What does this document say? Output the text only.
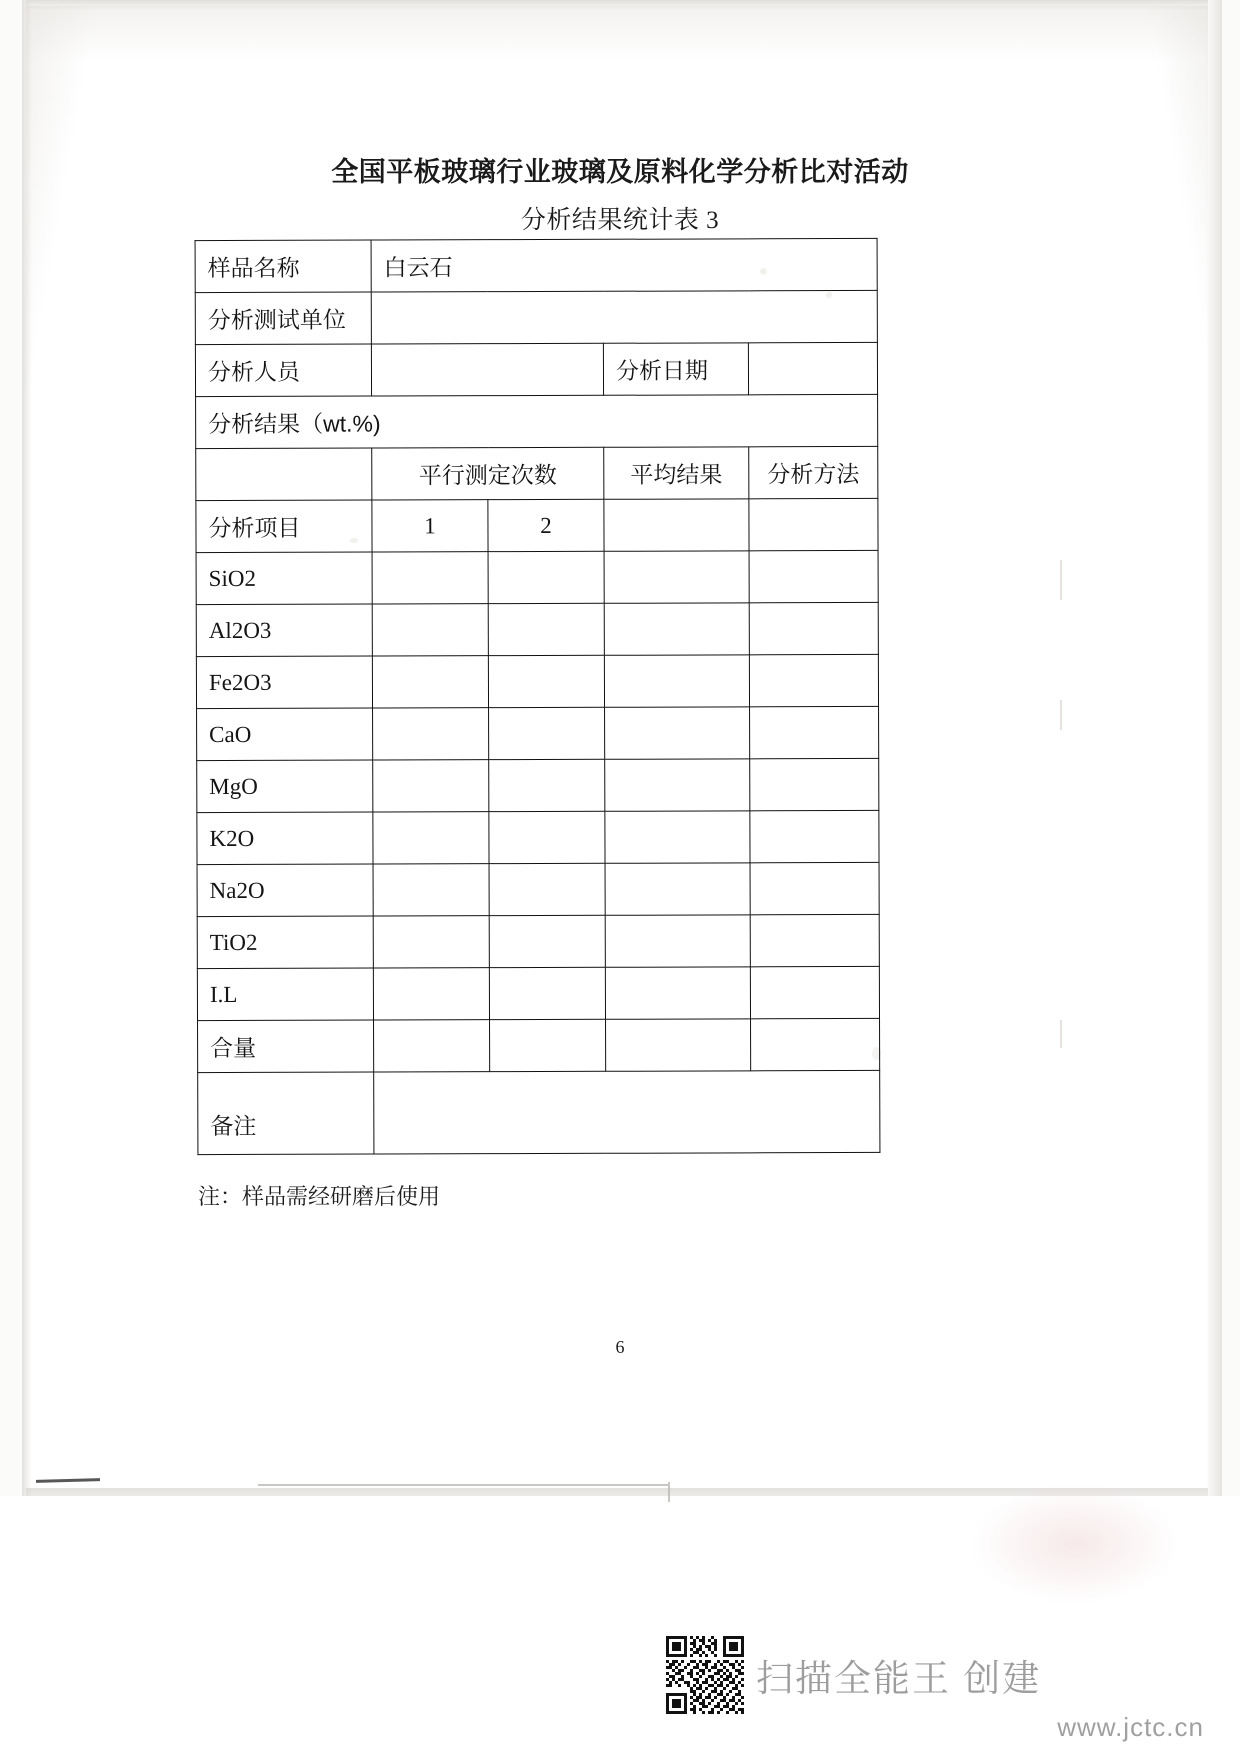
全国平板玻璃行业玻璃及原料化学分析比对活动
分析结果统计表 3
样品名称	白云石			
分析测试单位				
分析人员			分析日期	
分析结果（wt.%)				
	平行测定次数		平均结果	分析方法
分析项目	1	2		
SiO2				
Al2O3				
Fe2O3				
CaO				
MgO				
K2O				
Na2O				
TiO2				
I.L				
合量				

备注				

注：样品需经研磨后使用
6
扫描全能王 创建
www.jctc.cn
